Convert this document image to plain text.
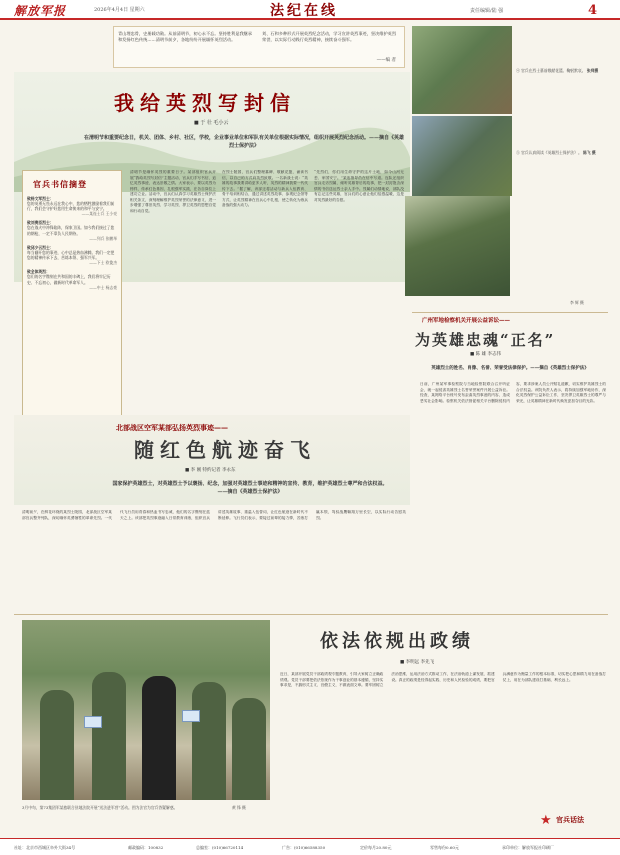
解放军报	2026年4月4日 星期六	法纪在线	责任编辑/陆 强	4
青山埋忠骨，史册载功勋。从前清明节，初心永不忘。坚持胜利是我继承和发扬红色传统……清明节前夕，各地纷纷开展缅怀英烈活动。
刘、石和多种形式开展英烈纪念活动，学习宣讲英烈事迹，坚决维护英烈荣誉，以实际行动践行英烈精神，接续奋斗强军。
——编 者
我给英烈写封信
■ 于 壮 毛小云
在清明节和重要纪念日，机关、团体、乡村、社区，学校，企业事业单位和军队有关单位根据实际情况，组织开展英烈纪念活动。——摘自《英雄烈士保护法》
官兵书信摘登
致杨文军烈士：
您的英勇无畏永远在我心中，您的牺牲激励着我们前行，我们会守护好您用生命换来的和平与安宁。
——某连士兵 王小亮
致刘贵臣烈士：
您在战火中冲锋陷阵，保家卫国。如今我们接过了您的钢枪，一定不辜负人民期待。
——列兵 张鹏举
致邱少云烈士：
每当翻开您的事迹，心中总是热血沸腾。我们一定把您的精神传承下去，苦练本领、强军兴军。
——下士 欧俊杰
致全体英烈：
您们的名字镌刻在共和国的丰碑上，我们将牢记历史、不忘初心，做新时代革命军人。
——中士 杨志豪
清明节是缅怀英烈的重要日子。某部组织官兵开展“我给英烈写封信”主题活动，官兵们手写书信，追忆英烈事迹，表达崇敬之情。大家表示，要以英烈为榜样，传承红色基因，扎根强军实践，在各自岗位上建功立业。活动中，官兵们认真学习英雄烈士保护法相关条文，深刻理解维护英烈荣誉的法律意义，进一步增强了尊崇英烈、学习英烈、捍卫英烈的思想自觉和行动自觉。
在烈士陵园，官兵们整理墓碑、敬献花篮，诵读书信，以自己的方式向英烈致敬。一名新战士说：“英雄的故事我要讲给更多人听，英烈的精神我要一代代传下去。”据了解，该部还将活动与新兵入伍教育、骨干培训相结合，通过讲述英烈故事、参观纪念馆等方式，让英烈精神在官兵心中扎根，使之转化为练兵备战的强大动力。
“先烈们，你们用生命守护的这片土地，如今山河无恙、家国安宁。”某连指导员在信中写道。连队还组织官兵走访烈属，倾听英雄背后的故事，把一封封饱含深情的书信送达烈士亲人手中。烈属们动情地说，部队没有忘记这些英雄，官兵们的心意让他们倍感温暖，这是对英烈最好的告慰。
④ 官兵在烈士墓前敬献花篮、鞠躬默哀。 张拜摄
⑤ 官兵认真阅读《英雄烈士保护法》。 陈飞 摄
李 辉 摄
广州军地检察机关开展公益诉讼——
为英雄忠魂“正名”
■ 陈 雄 李志伟
英雄烈士的姓名、肖像、名誉、荣誉受法律保护。——摘自《英雄烈士保护法》
日前，广州某军事检察院与当地检察院联合召开听证会，就一起侵害英雄烈士名誉荣誉案件开展公益诉讼。经查，某网络平台账号发布歪曲英烈事迹的内容，造成恶劣社会影响。检察机关依法督促相关平台删除侵权内容，要求涉案人员公开赔礼道歉，切实维护英雄烈士的合法权益。该院负责人表示，将持续加强军地协作，深化英烈保护公益诉讼工作，坚决捍卫英雄烈士的尊严与荣光，让英雄精神在新时代焕发更加夺目的光彩。
北部战区空军某部弘扬英烈事迹——
随红色航迹奋飞
■ 李 刚 特约记者 李永东
国家保护英雄烈士，对英雄烈士予以褒扬、纪念，加强对英雄烈士事迹和精神的宣传、教育，维护英雄烈士尊严和合法权益。——摘自《英雄烈士保护法》
清明前夕，在鲜花环绕的某烈士陵园，北部战区空军某部官兵整齐列队，深切缅怀英勇牺牲的革命先烈。一代代飞行员用青春和热血书写忠诚，他们的名字镌刻在蓝天之上。该部把英烈事迹融入日常教育训练，组织官兵讲述英雄故事、重温入伍誓词，让红色航迹在新时代不断延伸。飞行员们表示，要接过前辈的接力棒，苦练打赢本领，驾驭战鹰翱翔万里长空，以实际行动告慰英烈。
3月中旬，第73集团军某旅联合驻地法院开展“送法进军营”活动。图为法官为官兵答疑解惑。	黄 锋 摄
依法依规出政绩
■ 李明远 李先飞
近日，某部开展党员干部政绩观专题教育，引导大家树立正确政绩观。党员干部要把依法依规作为干事创业的基本遵循，坚持实事求是，不搞形式主义、官僚主义，不做表面文章。要牢固树立法治思维，运用法治方式推动工作，在法治轨道上谋发展、抓建设。真正的政绩是经得起实践、历史和人民检验的成绩，要把官兵满意作为衡量工作的根本标准，切实把心思和精力用在备战打仗上，用在为部队建设打基础、利长远上。
★ 官兵话法
社址：北京市西城区阜外大街34号	邮政编码：100832	总编室：(010)66720114	广告：(010)66588350	定价每月20.80元	零售每份0.60元	承印单位：解放军报社印刷厂
